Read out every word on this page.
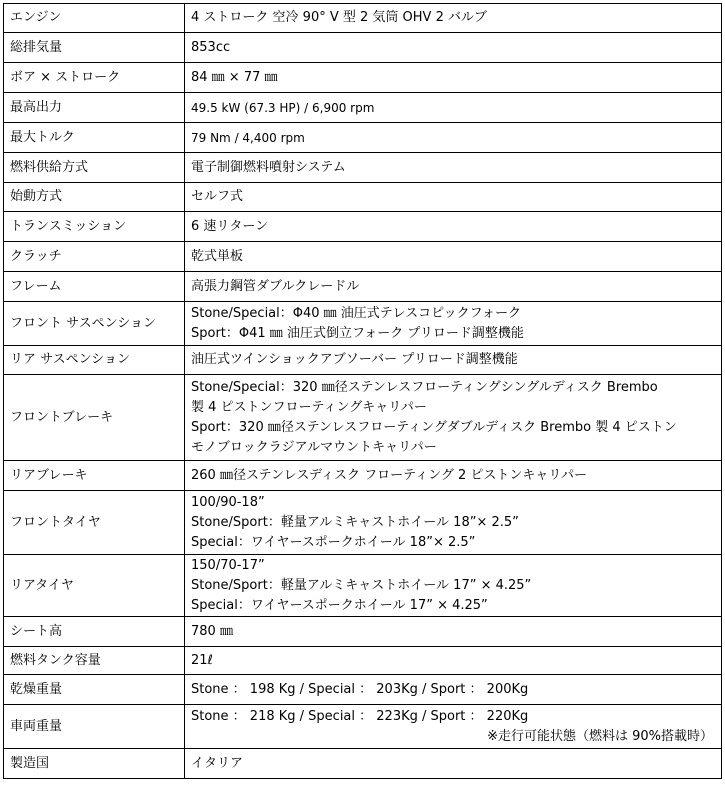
エンジン	4 ストローク 空冷 90° V 型 2 気筒 OHV 2 バルブ
総排気量	853cc
ボア × ストローク	84 ㎜ × 77 ㎜
最高出力	49.5 kW (67.3 HP) / 6,900 rpm
最大トルク	79 Nm / 4,400 rpm
燃料供給方式	電子制御燃料噴射システム
始動方式	セルフ式
トランスミッション	6 速リターン
クラッチ	乾式単板
フレーム	高張力鋼管ダブルクレードル
フロント サスペンション	Stone/Special：Φ40 ㎜ 油圧式テレスコピックフォーク
Sport：Φ41 ㎜ 油圧式倒立フォーク プリロード調整機能
リア サスペンション	油圧式ツインショックアブソーバー プリロード調整機能
フロントブレーキ	Stone/Special：320 ㎜径ステンレスフローティングシングルディスク Brembo
製 4 ピストンフローティングキャリパー
Sport：320 ㎜径ステンレスフローティングダブルディスク Brembo 製 4 ピストン
モノブロックラジアルマウントキャリパー
リアブレーキ	260 ㎜径ステンレスディスク フローティング 2 ピストンキャリパー
フロントタイヤ	100/90-18”
Stone/Sport：軽量アルミキャストホイール 18”× 2.5”
Special：ワイヤースポークホイール 18”× 2.5”
リアタイヤ	150/70-17”
Stone/Sport：軽量アルミキャストホイール 17” × 4.25”
Special：ワイヤースポークホイール 17” × 4.25”
シート高	780 ㎜
燃料タンク容量	21ℓ
乾燥重量	Stone ： 198 Kg / Special ： 203Kg / Sport ： 200Kg
車両重量	Stone ： 218 Kg / Special ： 223Kg / Sport ： 220Kg
※走行可能状態（燃料は 90%搭載時）

製造国	イタリア
